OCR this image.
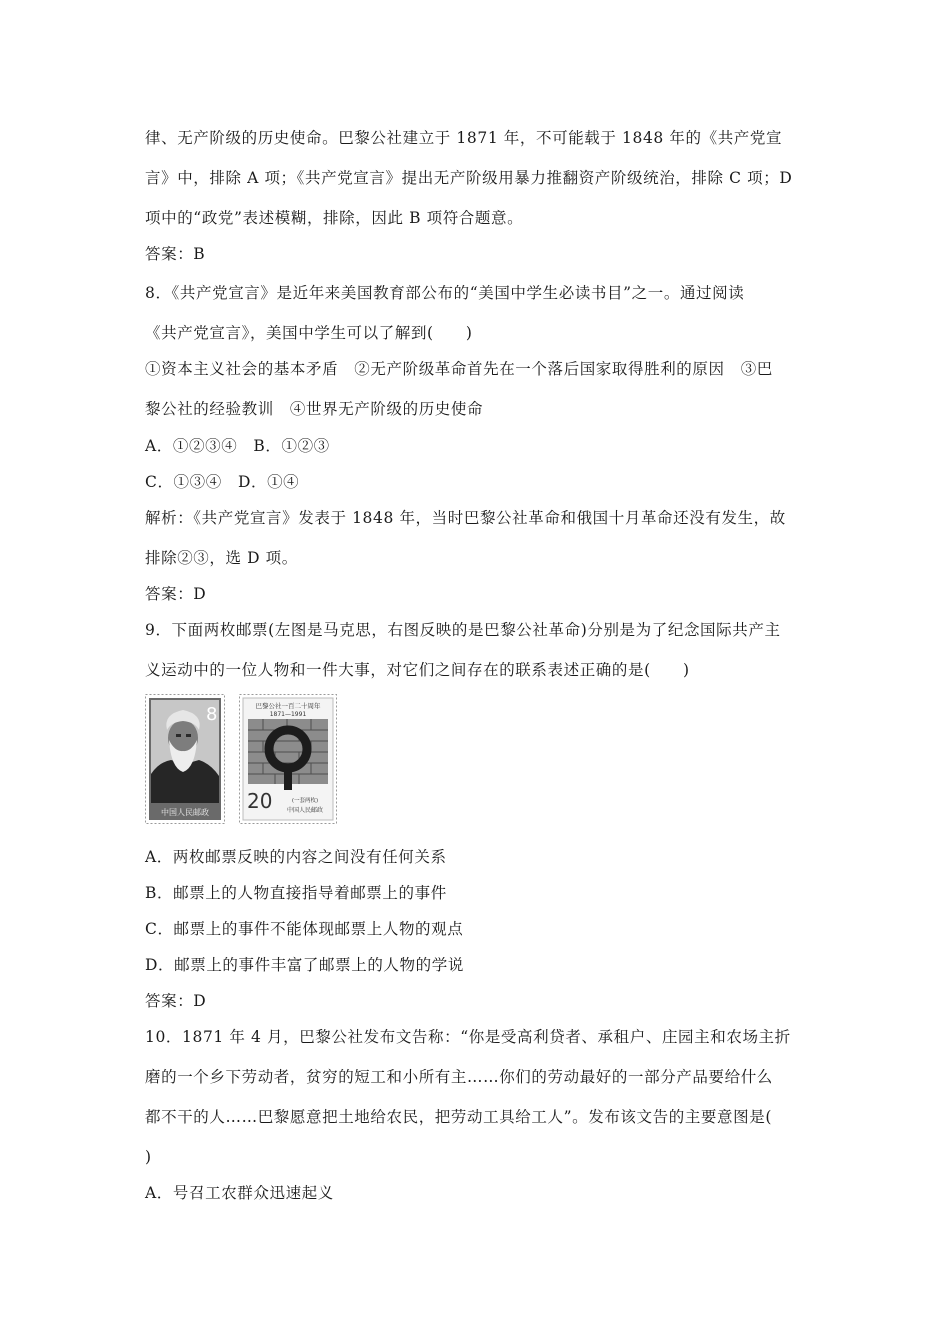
律、无产阶级的历史使命。巴黎公社建立于 1871 年，不可能载于 1848 年的《共产党宣
言》中，排除 A 项；《共产党宣言》提出无产阶级用暴力推翻资产阶级统治，排除 C 项；D
项中的“政党”表述模糊，排除，因此 B 项符合题意。
答案：B
8．《共产党宣言》是近年来美国教育部公布的“美国中学生必读书目”之一。通过阅读
《共产党宣言》，美国中学生可以了解到(　　)
①资本主义社会的基本矛盾　②无产阶级革命首先在一个落后国家取得胜利的原因　③巴
黎公社的经验教训　④世界无产阶级的历史使命
A．①②③④　B．①②③
C．①③④　D．①④
解析：《共产党宣言》发表于 1848 年，当时巴黎公社革命和俄国十月革命还没有发生，故
排除②③，选 D 项。
答案：D
9．下面两枚邮票(左图是马克思，右图反映的是巴黎公社革命)分别是为了纪念国际共产主
义运动中的一位人物和一件大事，对它们之间存在的联系表述正确的是(　　)
8
中国人民邮政
巴黎公社一百二十周年
1871—1991
20	(一套两枚)
中国人民邮政
A．两枚邮票反映的内容之间没有任何关系
B．邮票上的人物直接指导着邮票上的事件
C．邮票上的事件不能体现邮票上人物的观点
D．邮票上的事件丰富了邮票上的人物的学说
答案：D
10．1871 年 4 月，巴黎公社发布文告称：“你是受高利贷者、承租户、庄园主和农场主折
磨的一个乡下劳动者，贫穷的短工和小所有主……你们的劳动最好的一部分产品要给什么
都不干的人……巴黎愿意把土地给农民，把劳动工具给工人”。发布该文告的主要意图是(
)
A．号召工农群众迅速起义
